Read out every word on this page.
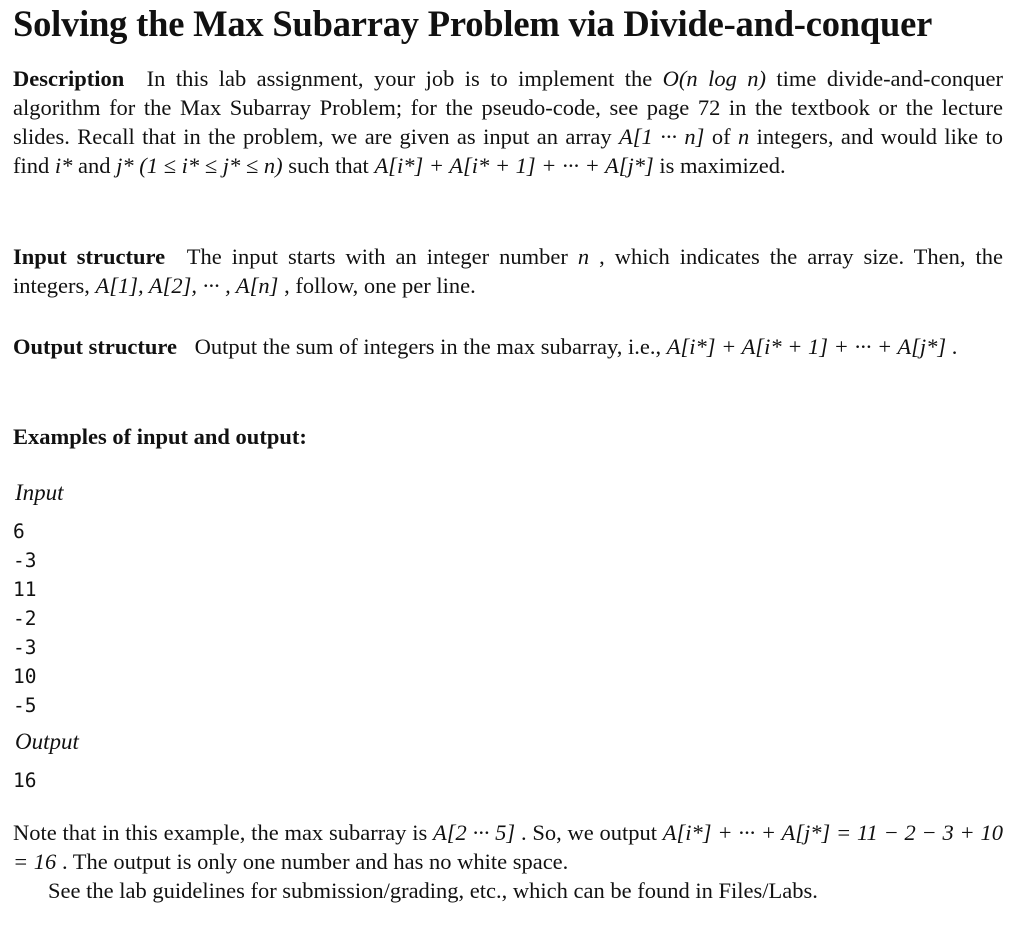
Solving the Max Subarray Problem via Divide-and-conquer
Description In this lab assignment, your job is to implement the O(n log n) time divide-and-conquer algorithm for the Max Subarray Problem; for the pseudo-code, see page 72 in the textbook or the lecture slides. Recall that in the problem, we are given as input an array A[1 ··· n] of n integers, and would like to find i* and j* (1 ≤ i* ≤ j* ≤ n) such that A[i*] + A[i* + 1] + ··· + A[j*] is maximized.
Input structure The input starts with an integer number n , which indicates the array size. Then, the integers, A[1], A[2], ··· , A[n] , follow, one per line.
Output structure Output the sum of integers in the max subarray, i.e., A[i*] + A[i* + 1] + ··· + A[j*] .
Examples of input and output:
Input
6
-3
11
-2
-3
10
-5
Output
16
Note that in this example, the max subarray is A[2 ··· 5] . So, we output A[i*] + ··· + A[j*] = 11 − 2 − 3 + 10 = 16 . The output is only one number and has no white space.
See the lab guidelines for submission/grading, etc., which can be found in Files/Labs.
